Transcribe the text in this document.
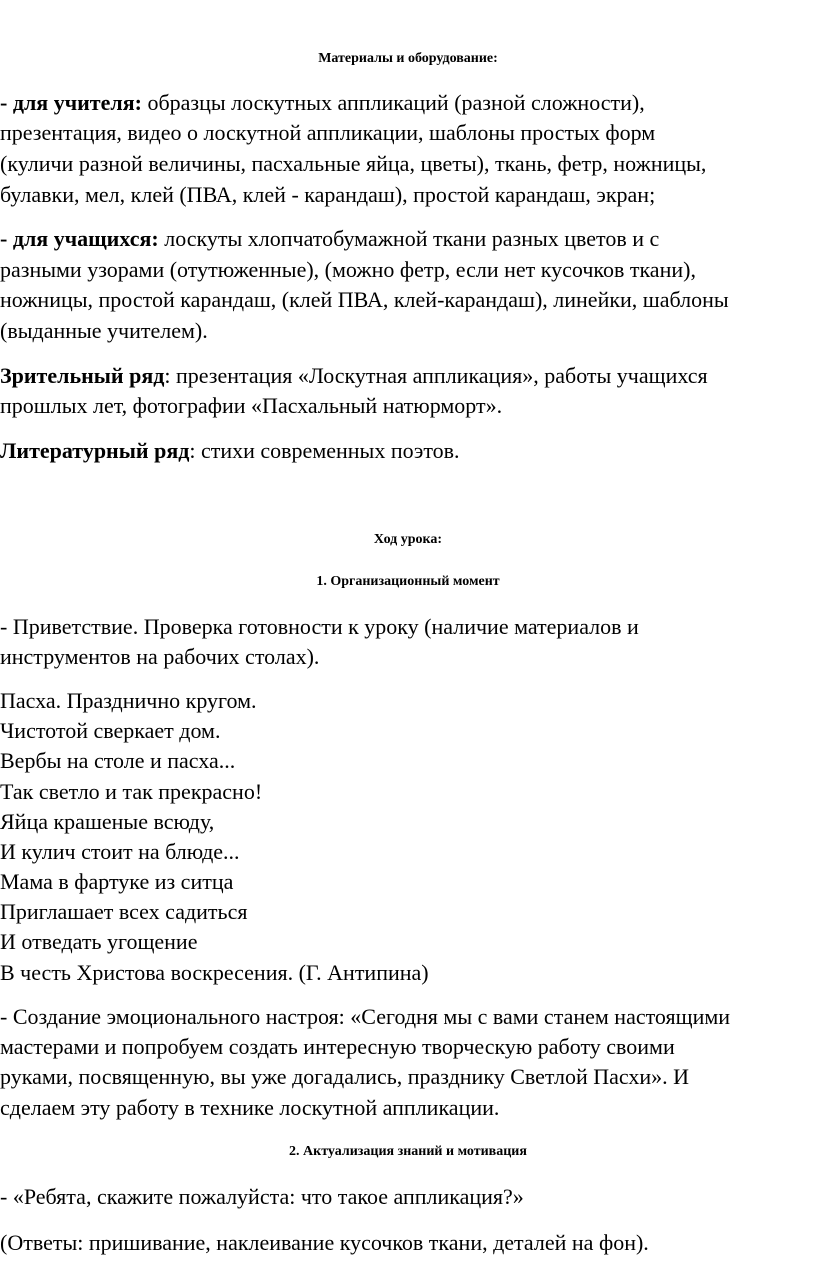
Материалы и оборудование:
- для учителя: образцы лоскутных аппликаций (разной сложности),
презентация, видео о лоскутной аппликации, шаблоны простых форм
(куличи разной величины, пасхальные яйца, цветы), ткань, фетр, ножницы,
булавки, мел, клей (ПВА, клей - карандаш), простой карандаш, экран;
- для учащихся: лоскуты хлопчатобумажной ткани разных цветов и с
разными узорами (отутюженные), (можно фетр, если нет кусочков ткани),
ножницы, простой карандаш, (клей ПВА, клей-карандаш), линейки, шаблоны
(выданные учителем).
Зрительный ряд: презентация «Лоскутная аппликация», работы учащихся
прошлых лет, фотографии «Пасхальный натюрморт».
Литературный ряд: стихи современных поэтов.
Ход урока:
1. Организационный момент
- Приветствие. Проверка готовности к уроку (наличие материалов и
инструментов на рабочих столах).
Пасха. Празднично кругом.
Чистотой сверкает дом.
Вербы на столе и пасха...
Так светло и так прекрасно!
Яйца крашеные всюду,
И кулич стоит на блюде...
Мама в фартуке из ситца
Приглашает всех садиться
И отведать угощение
В честь Христова воскресения. (Г. Антипина)
- Создание эмоционального настроя: «Сегодня мы с вами станем настоящими
мастерами и попробуем создать интересную творческую работу своими
руками, посвященную, вы уже догадались, празднику Светлой Пасхи». И
сделаем эту работу в технике лоскутной аппликации.
2. Актуализация знаний и мотивация
- «Ребята, скажите пожалуйста: что такое аппликация?»
(Ответы: пришивание, наклеивание кусочков ткани, деталей на фон).
